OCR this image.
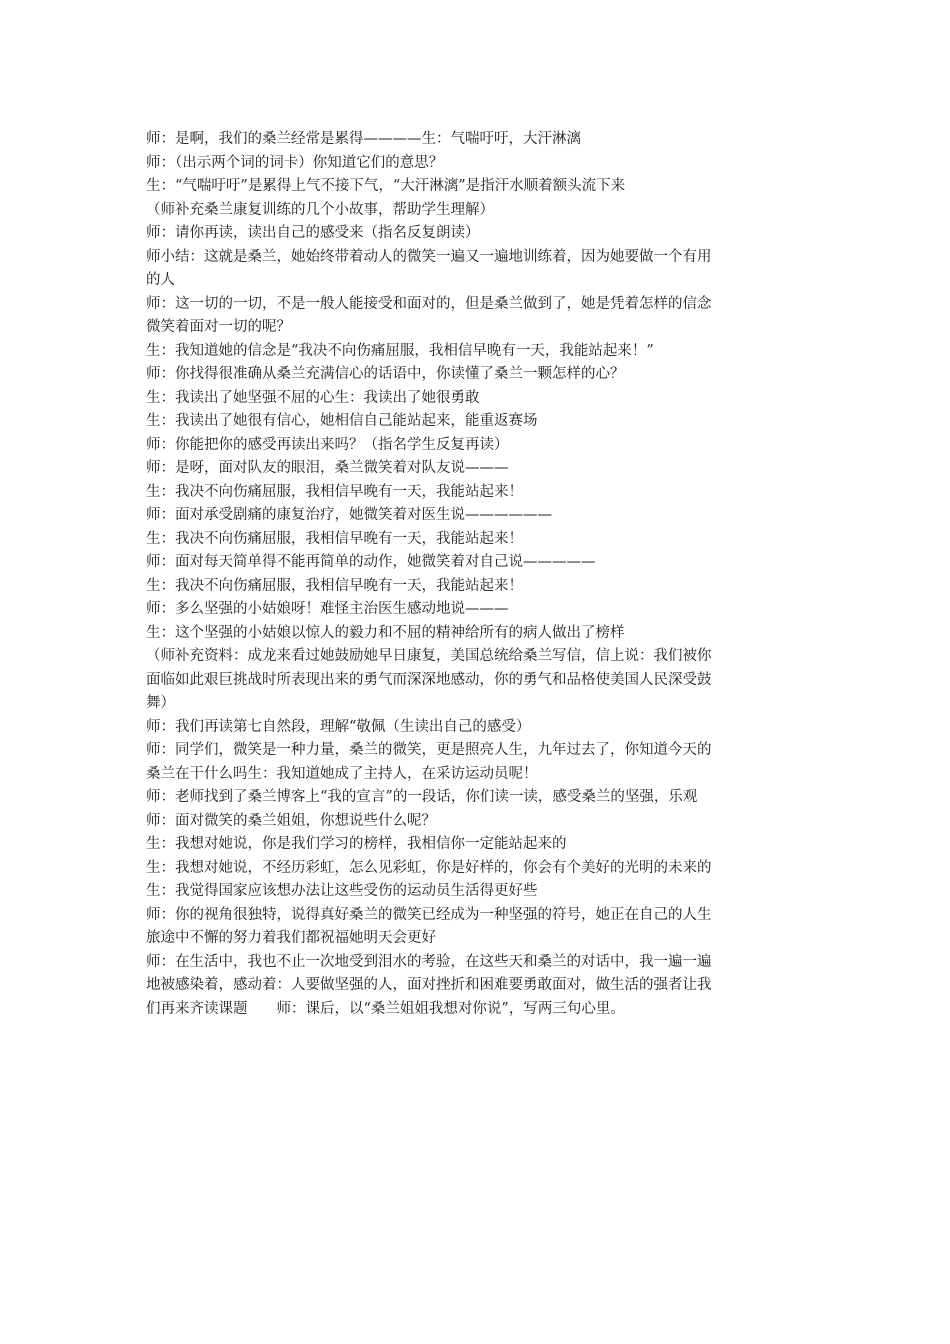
师：是啊，我们的桑兰经常是累得————生：气喘吁吁，大汗淋漓
师：（出示两个词的词卡）你知道它们的意思？
生：“气喘吁吁”是累得上气不接下气，“大汗淋漓”是指汗水顺着额头流下来
（师补充桑兰康复训练的几个小故事，帮助学生理解）
师：请你再读，读出自己的感受来（指名反复朗读）
师小结：这就是桑兰，她始终带着动人的微笑一遍又一遍地训练着，因为她要做一个有用
的人
师：这一切的一切，不是一般人能接受和面对的，但是桑兰做到了，她是凭着怎样的信念
微笑着面对一切的呢？
生：我知道她的信念是“我决不向伤痛屈服，我相信早晚有一天，我能站起来！”
师：你找得很准确从桑兰充满信心的话语中，你读懂了桑兰一颗怎样的心？
生：我读出了她坚强不屈的心生：我读出了她很勇敢
生：我读出了她很有信心，她相信自己能站起来，能重返赛场
师：你能把你的感受再读出来吗？（指名学生反复再读）
师：是呀，面对队友的眼泪，桑兰微笑着对队友说———
生：我决不向伤痛屈服，我相信早晚有一天，我能站起来！
师：面对承受剧痛的康复治疗，她微笑着对医生说——————
生：我决不向伤痛屈服，我相信早晚有一天，我能站起来！
师：面对每天简单得不能再简单的动作，她微笑着对自己说—————
生：我决不向伤痛屈服，我相信早晚有一天，我能站起来！
师：多么坚强的小姑娘呀！难怪主治医生感动地说———
生：这个坚强的小姑娘以惊人的毅力和不屈的精神给所有的病人做出了榜样
（师补充资料：成龙来看过她鼓励她早日康复，美国总统给桑兰写信，信上说：我们被你
面临如此艰巨挑战时所表现出来的勇气而深深地感动，你的勇气和品格使美国人民深受鼓
舞）
师：我们再读第七自然段，理解“敬佩（生读出自己的感受）
师：同学们，微笑是一种力量，桑兰的微笑，更是照亮人生，九年过去了，你知道今天的
桑兰在干什么吗生：我知道她成了主持人，在采访运动员呢！
师：老师找到了桑兰博客上“我的宣言”的一段话，你们读一读，感受桑兰的坚强，乐观
师：面对微笑的桑兰姐姐，你想说些什么呢？
生：我想对她说，你是我们学习的榜样，我相信你一定能站起来的
生：我想对她说，不经历彩虹，怎么见彩虹，你是好样的，你会有个美好的光明的未来的
生：我觉得国家应该想办法让这些受伤的运动员生活得更好些
师：你的视角很独特，说得真好桑兰的微笑已经成为一种坚强的符号，她正在自己的人生
旅途中不懈的努力着我们都祝福她明天会更好
师：在生活中，我也不止一次地受到泪水的考验，在这些天和桑兰的对话中，我一遍一遍
地被感染着，感动着：人要做坚强的人，面对挫折和困难要勇敢面对，做生活的强者让我
们再来齐读课题　　师：课后，以“桑兰姐姐我想对你说”，写两三句心里。
